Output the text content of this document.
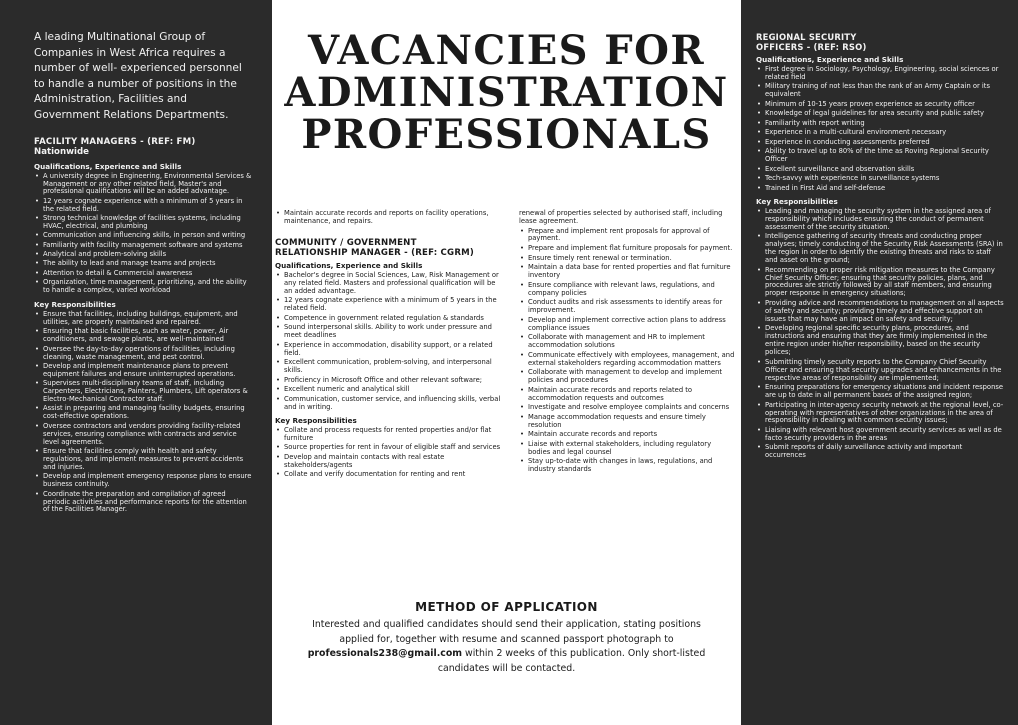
A leading Multinational Group of Companies in West Africa requires a number of well- experienced personnel to handle a number of positions in the Administration, Facilities and Government Relations Departments.

FACILITY MANAGERS - (REF: FM)
Nationwide
Qualifications, Experience and Skills
• A university degree in Engineering, Environmental Services & Management or any other related field, Master's and professional qualifications will be an added advantage.
• 12 years cognate experience with a minimum of 5 years in the related field.
• Strong technical knowledge of facilities systems, including HVAC, electrical, and plumbing
• Communication and influencing skills, in person and writing
• Familiarity with facility management software and systems
• Analytical and problem-solving skills
• The ability to lead and manage teams and projects
• Attention to detail & Commercial awareness
• Organization, time management, prioritizing, and the ability to handle a complex, varied workload
Key Responsibilities
• Ensure that facilities, including buildings, equipment, and utilities, are properly maintained and repaired.
• Ensuring that basic facilities, such as water, power, Air conditioners, and sewage plants, are well-maintained
• Oversee the day-to-day operations of facilities, including cleaning, waste management, and pest control.
• Develop and implement maintenance plans to prevent equipment failures and ensure uninterrupted operations.
• Supervises multi-disciplinary teams of staff, including Carpenters, Electricians, Painters, Plumbers, Lift operators & Electro-Mechanical Contractor staff.
• Assist in preparing and managing facility budgets, ensuring cost-effective operations.
• Oversee contractors and vendors providing facility-related services, ensuring compliance with contracts and service level agreements.
• Ensure that facilities comply with health and safety regulations, and implement measures to prevent accidents and injuries.
• Develop and implement emergency response plans to ensure business continuity.
• Coordinate the preparation and compilation of agreed periodic activities and performance reports for the attention of the Facilities Manager.
VACANCIES FOR
ADMINISTRATION
PROFESSIONALS
• Maintain accurate records and reports on facility operations, maintenance, and repairs.
COMMUNITY / GOVERNMENT
RELATIONSHIP MANAGER - (REF: CGRM)
Qualifications, Experience and Skills
• Bachelor's degree in Social Sciences, Law, Risk Management or any related field. Masters and professional qualification will be an added advantage.
• 12 years cognate experience with a minimum of 5 years in the related field.
• Competence in government related regulation & standards
• Sound interpersonal skills. Ability to work under pressure and meet deadlines
• Experience in accommodation, disability support, or a related field.
• Excellent communication, problem-solving, and interpersonal skills.
• Proficiency in Microsoft Office and other relevant software;
• Excellent numeric and analytical skill
• Communication, customer service, and influencing skills, verbal and in writing.
Key Responsibilities
• Collate and process requests for rented properties and/or flat furniture
• Source properties for rent in favour of eligible staff and services
• Develop and maintain contacts with real estate stakeholders/agents
• Collate and verify documentation for renting and rent
renewal of properties selected by authorised staff, including lease agreement.
• Prepare and implement rent proposals for approval of payment.
• Prepare and implement flat furniture proposals for payment.
• Ensure timely rent renewal or termination.
• Maintain a data base for rented properties and flat furniture inventory
• Ensure compliance with relevant laws, regulations, and company policies
• Conduct audits and risk assessments to identify areas for improvement.
• Develop and implement corrective action plans to address compliance issues
• Collaborate with management and HR to implement accommodation solutions
• Communicate effectively with employees, management, and external stakeholders regarding accommodation matters
• Collaborate with management to develop and implement policies and procedures
• Maintain accurate records and reports related to accommodation requests and outcomes
• Investigate and resolve employee complaints and concerns
• Manage accommodation requests and ensure timely resolution
• Maintain accurate records and reports
• Liaise with external stakeholders, including regulatory bodies and legal counsel
• Stay up-to-date with changes in laws, regulations, and industry standards
METHOD OF APPLICATION
Interested and qualified candidates should send their application, stating positions applied for, together with resume and scanned passport photograph to professionals238@gmail.com within 2 weeks of this publication. Only short-listed candidates will be contacted.
REGIONAL SECURITY
OFFICERS - (REF: RSO)
Qualifications, Experience and Skills
• First degree in Sociology, Psychology, Engineering, social sciences or related field
• Military training of not less than the rank of an Army Captain or its equivalent
• Minimum of 10-15 years proven experience as security officer
• Knowledge of legal guidelines for area security and public safety
• Familiarity with report writing
• Experience in a multi-cultural environment necessary
• Experience in conducting assessments preferred
• Ability to travel up to 80% of the time as Roving Regional Security Officer
• Excellent surveillance and observation skills
• Tech-savvy with experience in surveillance systems
• Trained in First Aid and self-defense
Key Responsibilities
• Leading and managing the security system in the assigned area of responsibility which includes ensuring the conduct of permanent assessment of the security situation.
• Intelligence gathering of security threats and conducting proper analyses; timely conducting of the Security Risk Assessments (SRA) in the region in order to identify the existing threats and risks to staff and asset on the ground;
• Recommending on proper risk mitigation measures to the Company Chief Security Officer; ensuring that security policies, plans, and procedures are strictly followed by all staff members, and ensuring proper response in emergency situations;
• Providing advice and recommendations to management on all aspects of safety and security; providing timely and effective support on issues that may have an impact on safety and security;
• Developing regional specific security plans, procedures, and instructions and ensuring that they are firmly implemented in the entire region under his/her responsibility, based on the security polices;
• Submitting timely security reports to the Company Chief Security Officer and ensuring that security upgrades and enhancements in the respective areas of responsibility are implemented;
• Ensuring preparations for emergency situations and incident response are up to date in all permanent bases of the assigned region;
• Participating in inter-agency security network at the regional level, co-operating with representatives of other organizations in the area of responsibility in dealing with common security issues;
• Liaising with relevant host government security services as well as de facto security providers in the areas
• Submit reports of daily surveillance activity and important occurrences
